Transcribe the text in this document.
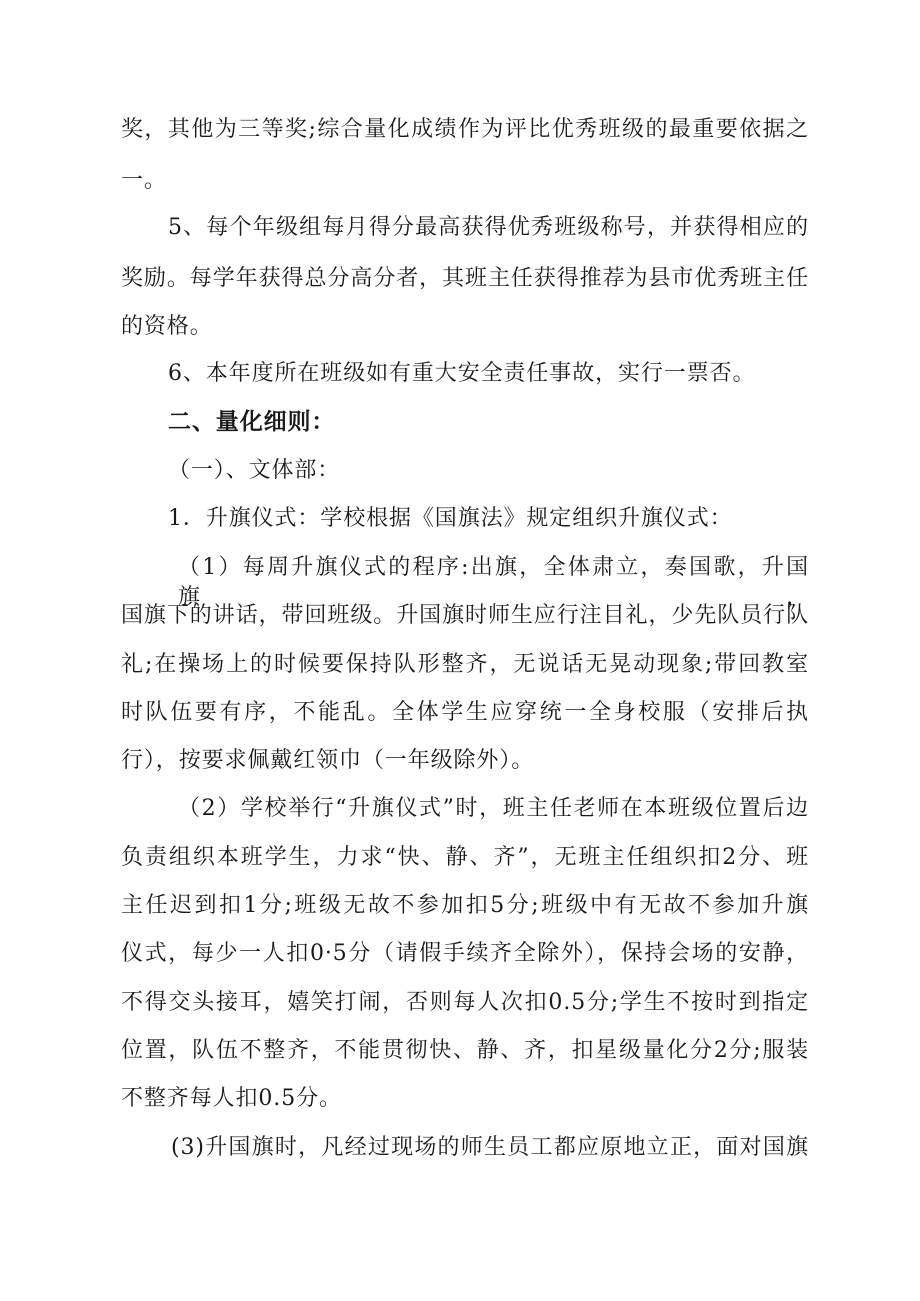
奖，其他为三等奖;综合量化成绩作为评比优秀班级的最重要依据之
一。
5、每个年级组每月得分最高获得优秀班级称号，并获得相应的
奖励。每学年获得总分高分者，其班主任获得推荐为县市优秀班主任
的资格。
6、本年度所在班级如有重大安全责任事故，实行一票否。
二、量化细则：
（一）、文体部：
1．升旗仪式：学校根据《国旗法》规定组织升旗仪式：
（1）每周升旗仪式的程序:出旗，全体肃立，奏国歌，升国旗，
国旗下的讲话，带回班级。升国旗时师生应行注目礼，少先队员行队
礼;在操场上的时候要保持队形整齐，无说话无晃动现象;带回教室
时队伍要有序，不能乱。全体学生应穿统一全身校服（安排后执
行），按要求佩戴红领巾（一年级除外）。
（2）学校举行“升旗仪式”时，班主任老师在本班级位置后边
负责组织本班学生，力求“快、静、齐”，无班主任组织扣2分、班
主任迟到扣1分;班级无故不参加扣5分;班级中有无故不参加升旗
仪式，每少一人扣0·5分（请假手续齐全除外），保持会场的安静，
不得交头接耳，嬉笑打闹，否则每人次扣0.5分;学生不按时到指定
位置，队伍不整齐，不能贯彻快、静、齐，扣星级量化分2分;服装
不整齐每人扣0.5分。
(3)升国旗时，凡经过现场的师生员工都应原地立正，面对国旗
